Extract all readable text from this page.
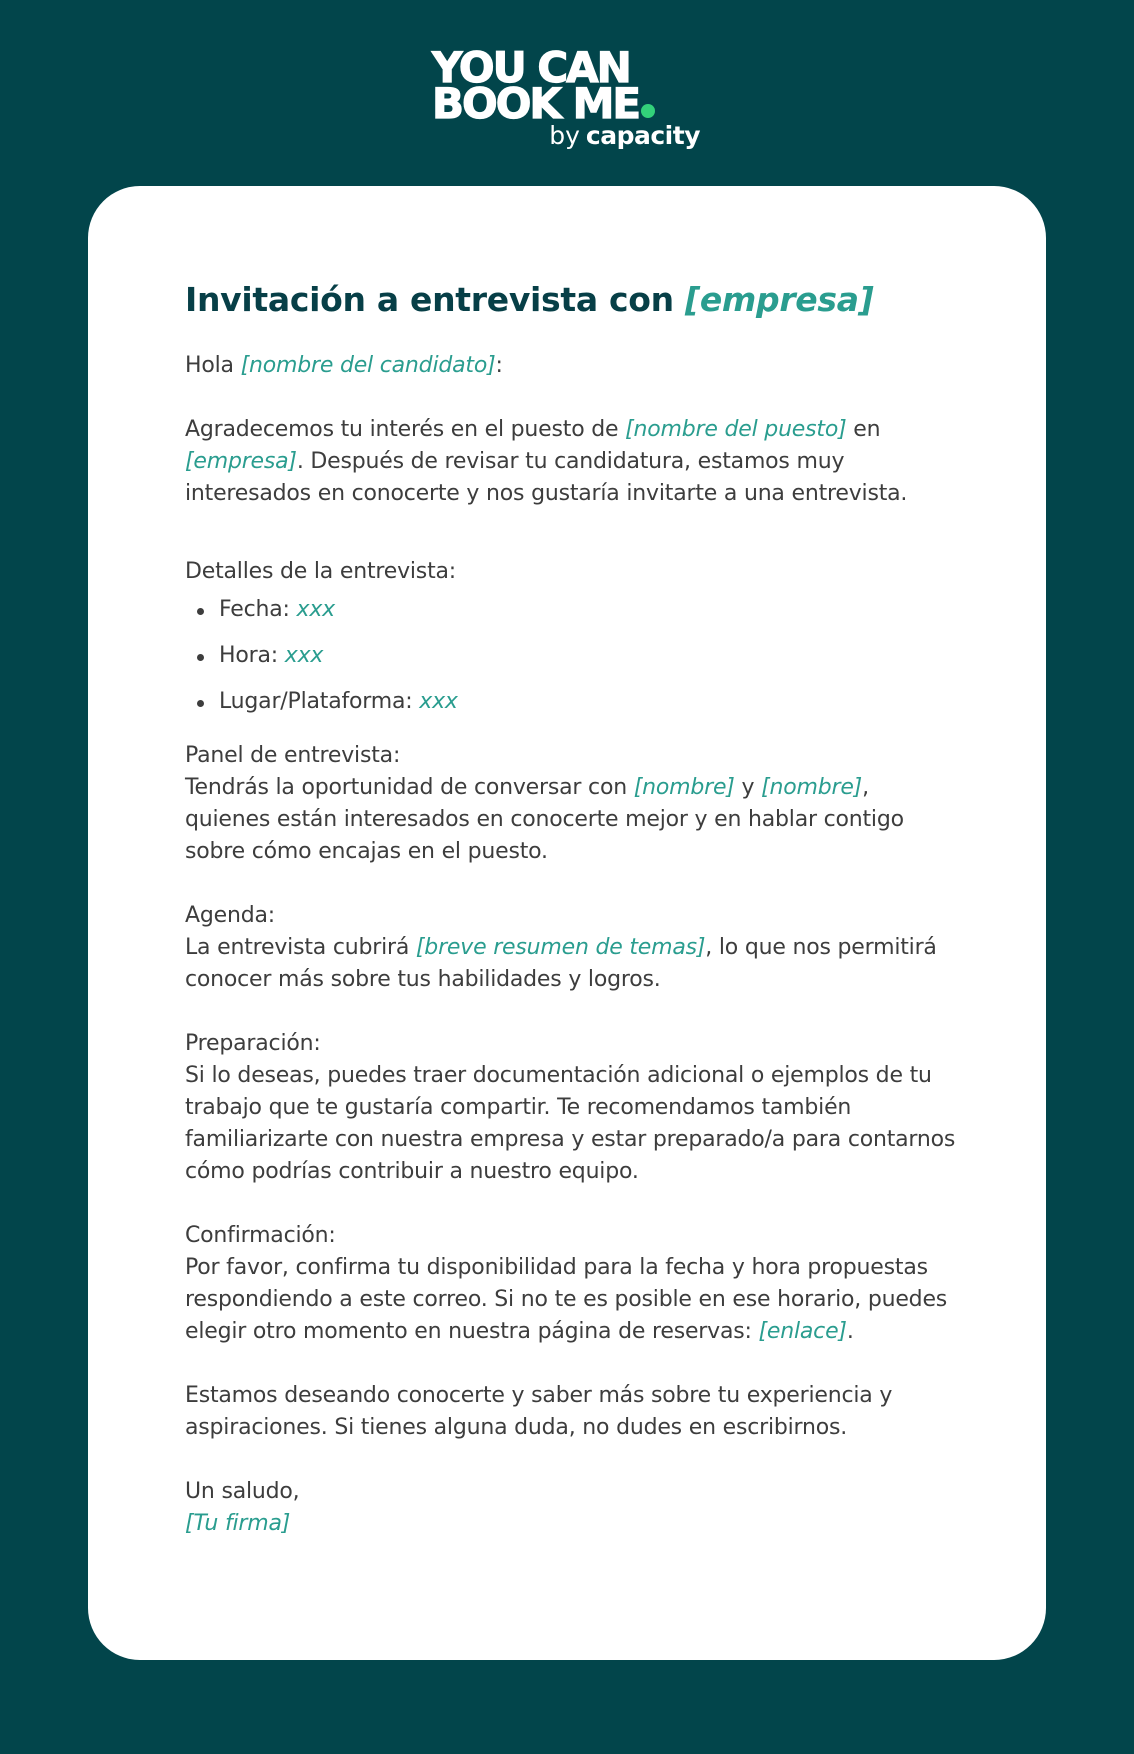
YOU CAN
BOOK ME
by capacity
Invitación a entrevista con [empresa]

Hola [nombre del candidato]:

Agradecemos tu interés en el puesto de [nombre del puesto] en [empresa]. Después de revisar tu candidatura, estamos muy interesados en conocerte y nos gustaría invitarte a una entrevista.

Detalles de la entrevista:

Fecha: xxx
Hora: xxx
Lugar/Plataforma: xxx

Panel de entrevista:
Tendrás la oportunidad de conversar con [nombre] y [nombre], quienes están interesados en conocerte mejor y en hablar contigo sobre cómo encajas en el puesto.

Agenda:
La entrevista cubrirá [breve resumen de temas], lo que nos permitirá conocer más sobre tus habilidades y logros.

Preparación:
Si lo deseas, puedes traer documentación adicional o ejemplos de tu trabajo que te gustaría compartir. Te recomendamos también familiarizarte con nuestra empresa y estar preparado/a para contarnos cómo podrías contribuir a nuestro equipo.

Confirmación:
Por favor, confirma tu disponibilidad para la fecha y hora propuestas respondiendo a este correo. Si no te es posible en ese horario, puedes elegir otro momento en nuestra página de reservas: [enlace].

Estamos deseando conocerte y saber más sobre tu experiencia y aspiraciones. Si tienes alguna duda, no dudes en escribirnos.

Un saludo,
[Tu firma]
